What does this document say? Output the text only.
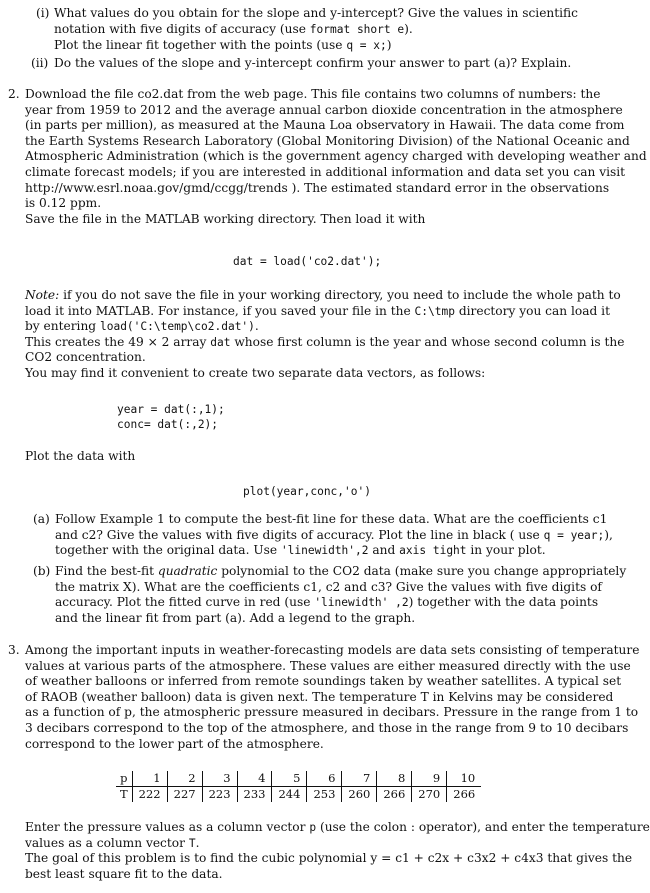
(i) What values do you obtain for the slope and y-intercept? Give the values in scientific
notation with five digits of accuracy (use format short e).
Plot the linear fit together with the points (use q = x;)
(ii) Do the values of the slope and y-intercept confirm your answer to part (a)? Explain.
2. Download the file co2.dat from the web page. This file contains two columns of numbers: the
year from 1959 to 2012 and the average annual carbon dioxide concentration in the atmosphere
(in parts per million), as measured at the Mauna Loa observatory in Hawaii. The data come from
the Earth Systems Research Laboratory (Global Monitoring Division) of the National Oceanic and
Atmospheric Administration (which is the government agency charged with developing weather and
climate forecast models; if you are interested in additional information and data set you can visit
http://www.esrl.noaa.gov/gmd/ccgg/trends ). The estimated standard error in the observations
is 0.12 ppm.
Save the file in the MATLAB working directory. Then load it with
dat = load('co2.dat');
Note: if you do not save the file in your working directory, you need to include the whole path to
load it into MATLAB. For instance, if you saved your file in the C:\tmp directory you can load it
by entering load('C:\temp\co2.dat').
This creates the 49 × 2 array dat whose first column is the year and whose second column is the
CO2 concentration.
You may find it convenient to create two separate data vectors, as follows:
year = dat(:,1);
conc= dat(:,2);
Plot the data with
plot(year,conc,'o')
(a) Follow Example 1 to compute the best-fit line for these data. What are the coefficients c1
and c2? Give the values with five digits of accuracy. Plot the line in black ( use q = year;),
together with the original data. Use 'linewidth',2 and axis tight in your plot.
(b) Find the best-fit quadratic polynomial to the CO2 data (make sure you change appropriately
the matrix X). What are the coefficients c1, c2 and c3? Give the values with five digits of
accuracy. Plot the fitted curve in red (use 'linewidth' ,2) together with the data points
and the linear fit from part (a). Add a legend to the graph.
3. Among the important inputs in weather-forecasting models are data sets consisting of temperature
values at various parts of the atmosphere. These values are either measured directly with the use
of weather balloons or inferred from remote soundings taken by weather satellites. A typical set
of RAOB (weather balloon) data is given next. The temperature T in Kelvins may be considered
as a function of p, the atmospheric pressure measured in decibars. Pressure in the range from 1 to
3 decibars correspond to the top of the atmosphere, and those in the range from 9 to 10 decibars
correspond to the lower part of the atmosphere.
p	1	2	3	4	5	6	7	8	9	10
T	222	227	223	233	244	253	260	266	270	266
Enter the pressure values as a column vector p (use the colon : operator), and enter the temperature
values as a column vector T.
The goal of this problem is to find the cubic polynomial y = c1 + c2x + c3x2 + c4x3 that gives the
best least square fit to the data.
